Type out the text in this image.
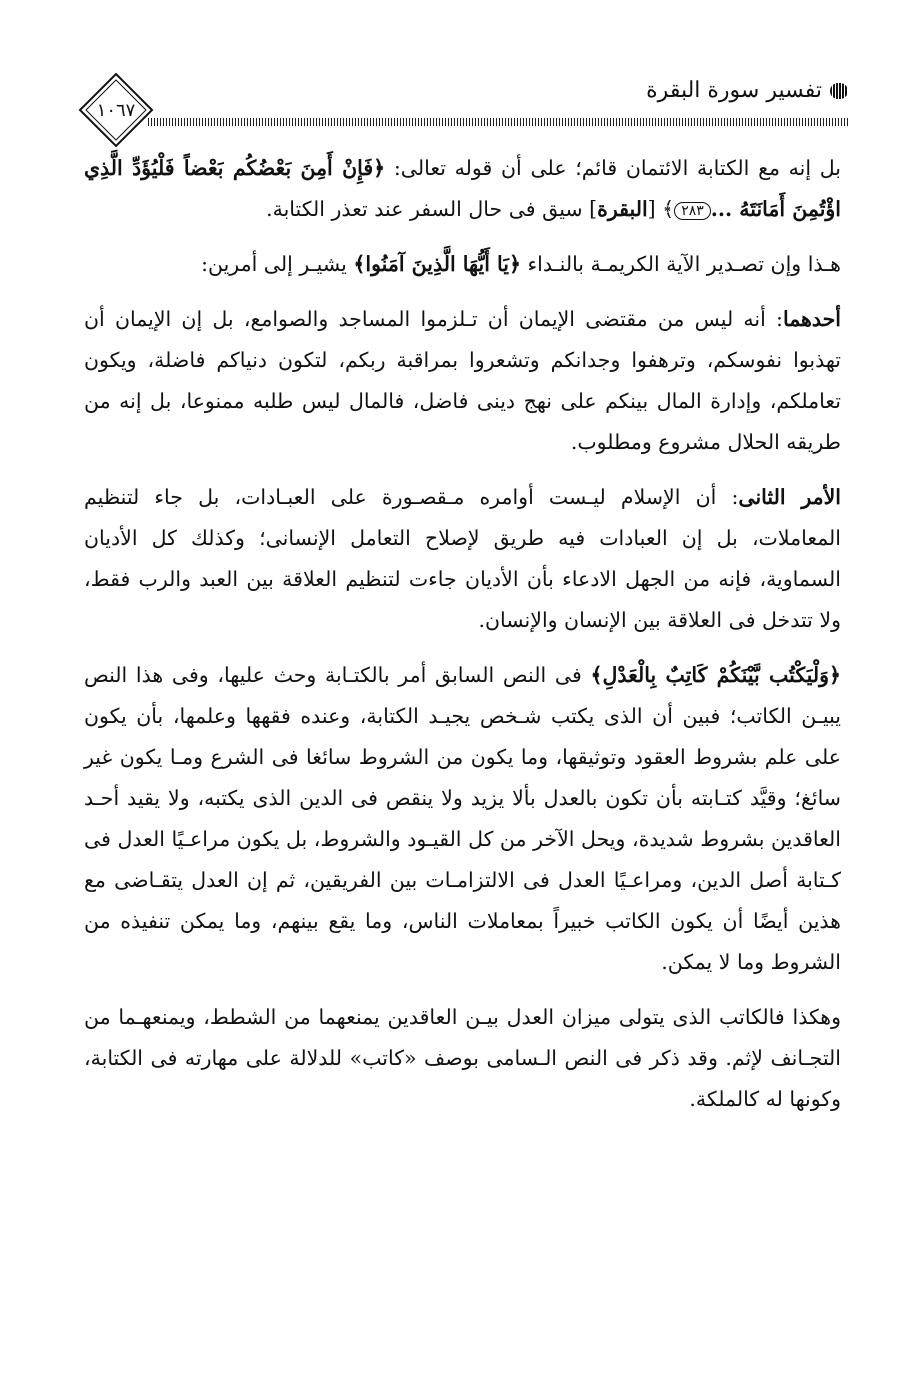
تفسير سورة البقرة
١٠٦٧

بل إنه مع الكتابة الائتمان قائم؛ على أن قوله تعالى: ﴿فَإِنْ أَمِنَ بَعْضُكُم بَعْضاً فَلْيُؤَدِّ الَّذِي اؤْتُمِنَ أَمَانَتَهُ ...٢٨٣﴾ [البقرة] سيق فى حال السفر عند تعذر الكتابة.

هـذا وإن تصـدير الآية الكريمـة بالنـداء ﴿يَا أَيُّهَا الَّذِينَ آمَنُوا﴾ يشيـر إلى أمرين:

أحدهما: أنه ليس من مقتضى الإيمان أن تـلزموا المساجد والصوامع، بل إن الإيمان أن تهذبوا نفوسكم، وترهفوا وجدانكم وتشعروا بمراقبة ربكم، لتكون دنياكم فاضلة، ويكون تعاملكم، وإدارة المال بينكم على نهج دينى فاضل، فالمال ليس طلبه ممنوعا، بل إنه من طريقه الحلال مشروع ومطلوب.

الأمر الثانى: أن الإسلام ليـست أوامره مـقصـورة على العبـادات، بل جاء لتنظيم المعاملات، بل إن العبادات فيه طريق لإصلاح التعامل الإنسانى؛ وكذلك كل الأديان السماوية، فإنه من الجهل الادعاء بأن الأديان جاءت لتنظيم العلاقة بين العبد والرب فقط، ولا تتدخل فى العلاقة بين الإنسان والإنسان.

﴿وَلْيَكْتُب بَّيْنَكُمْ كَاتِبٌ بِالْعَدْلِ﴾ فى النص السابق أمر بالكتـابة وحث عليها، وفى هذا النص يبيـن الكاتب؛ فبين أن الذى يكتب شـخص يجيـد الكتابة، وعنده فقهها وعلمها، بأن يكون على علم بشروط العقود وتوثيقها، وما يكون من الشروط سائغا فى الشرع ومـا يكون غير سائغ؛ وقيَّد كتـابته بأن تكون بالعدل بألا يزيد ولا ينقص فى الدين الذى يكتبه، ولا يقيد أحـد العاقدين بشروط شديدة، ويحل الآخر من كل القيـود والشروط، بل يكون مراعـيًا العدل فى كـتابة أصل الدين، ومراعـيًا العدل فى الالتزامـات بين الفريقين، ثم إن العدل يتقـاضى مع هذين أيضًا أن يكون الكاتب خبيراً بمعاملات الناس، وما يقع بينهم، وما يمكن تنفيذه من الشروط وما لا يمكن.

وهكذا فالكاتب الذى يتولى ميزان العدل بيـن العاقدين يمنعهما من الشطط، ويمنعهـما من التجـانف لإثم. وقد ذكر فى النص الـسامى بوصف «كاتب» للدلالة على مهارته فى الكتابة، وكونها له كالملكة.
